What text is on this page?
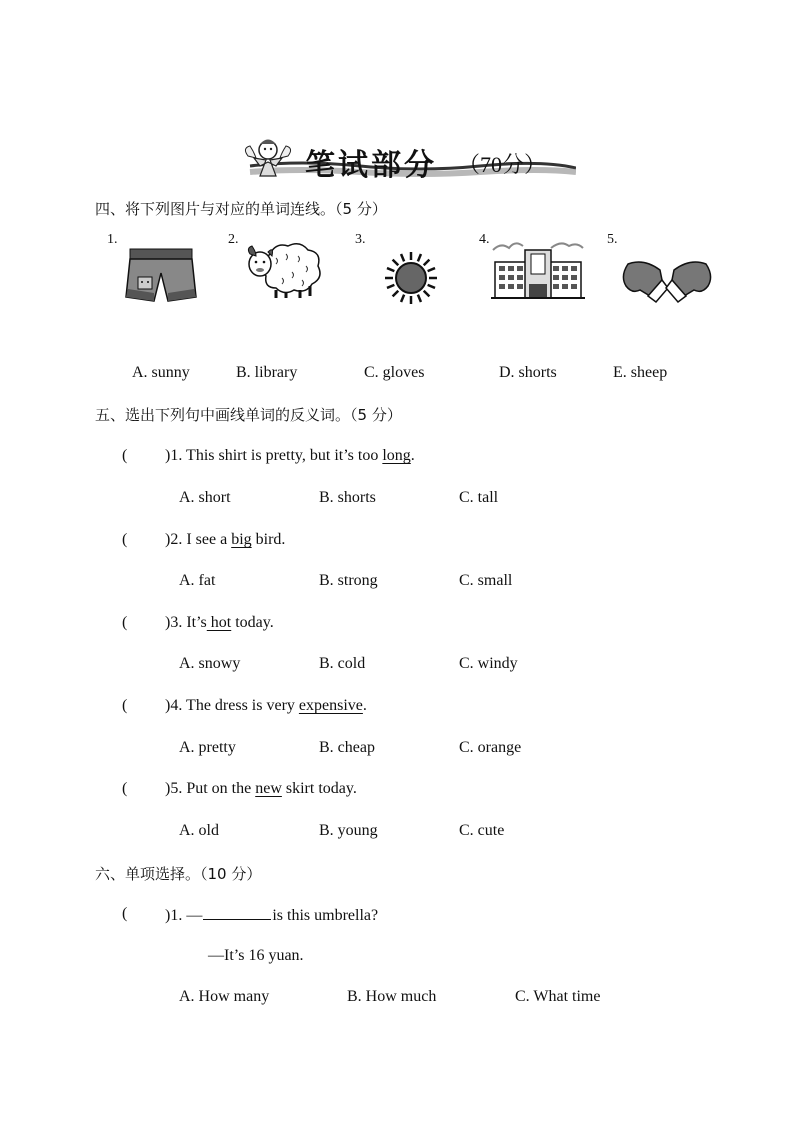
笔试部分 （70分）
四、将下列图片与对应的单词连线。（5 分）
1.	2.	3.	4.	5.
A. sunny	B. library	C. gloves	D. shorts	E. sheep
五、选出下列句中画线单词的反义词。（5 分）
( )1. This shirt is pretty, but it’s too long.
A. short	B. shorts	C. tall
( )2. I see a big bird.
A. fat	B. strong	C. small
( )3. It’s hot today.
A. snowy	B. cold	C. windy
( )4. The dress is very expensive.
A. pretty	B. cheap	C. orange
( )5. Put on the new skirt today.
A. old	B. young	C. cute
六、单项选择。（10 分）
( )1. —	is this umbrella?
—It’s 16 yuan.
A. How many	B. How much	C. What time
